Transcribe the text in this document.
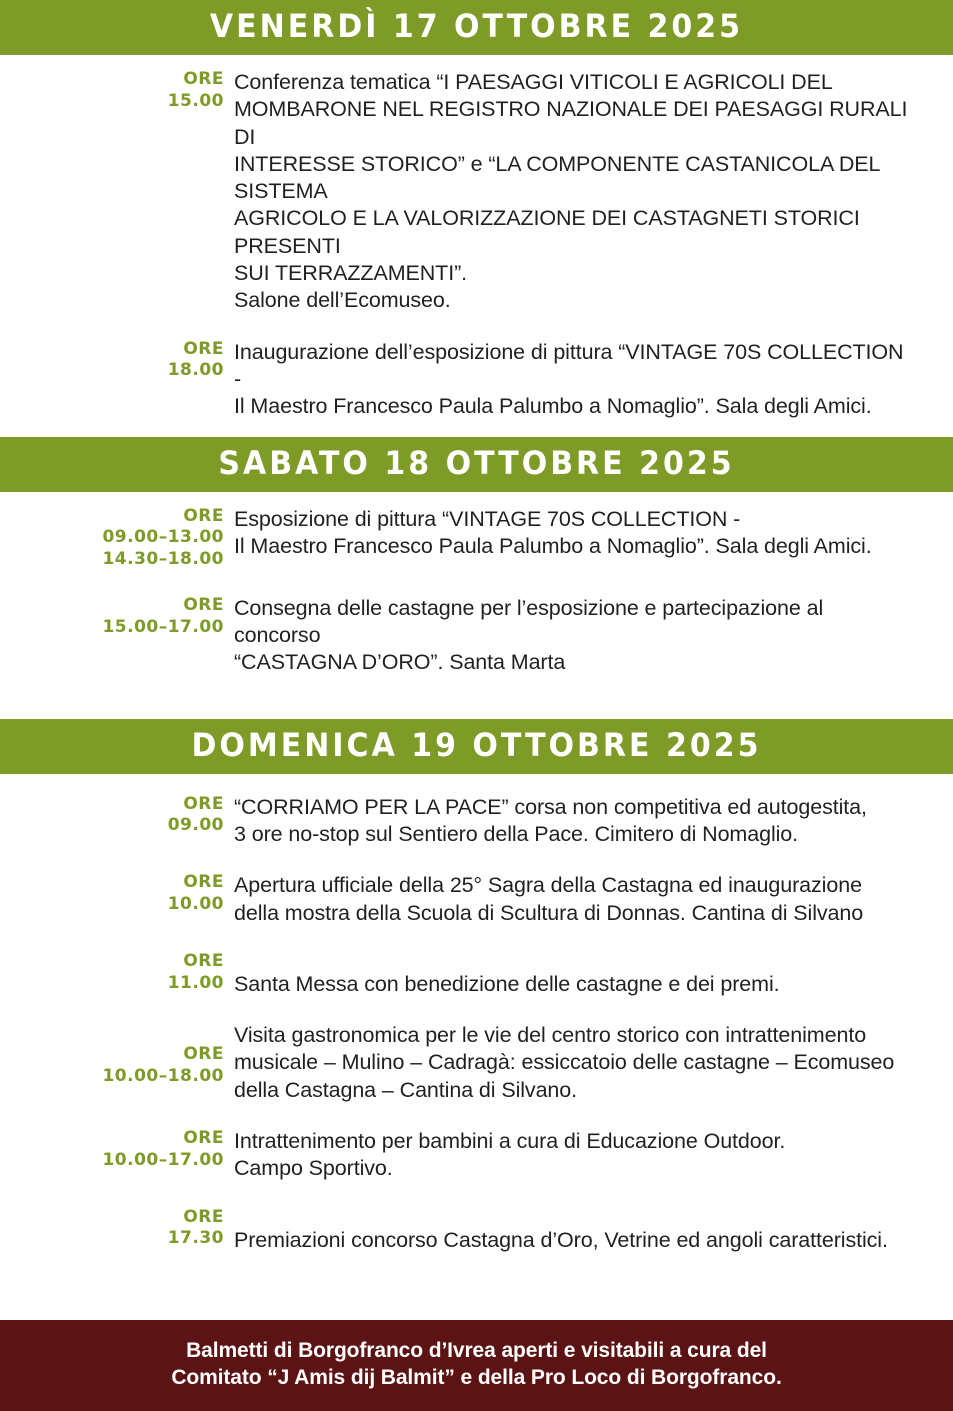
VENERDÌ 17 OTTOBRE 2025
ORE
15.00
Conferenza tematica “I PAESAGGI VITICOLI E AGRICOLI DEL
MOMBARONE NEL REGISTRO NAZIONALE DEI PAESAGGI RURALI DI
INTERESSE STORICO” e “LA COMPONENTE CASTANICOLA DEL SISTEMA
AGRICOLO E LA VALORIZZAZIONE DEI CASTAGNETI STORICI PRESENTI
SUI TERRAZZAMENTI”.
Salone dell’Ecomuseo.
ORE
18.00
Inaugurazione dell’esposizione di pittura “VINTAGE 70S COLLECTION -
Il Maestro Francesco Paula Palumbo a Nomaglio”. Sala degli Amici.
SABATO 18 OTTOBRE 2025
ORE
09.00–13.00
14.30–18.00
Esposizione di pittura “VINTAGE 70S COLLECTION -
Il Maestro Francesco Paula Palumbo a Nomaglio”. Sala degli Amici.
ORE
15.00–17.00
Consegna delle castagne per l’esposizione e partecipazione al concorso
“CASTAGNA D’ORO”. Santa Marta
DOMENICA 19 OTTOBRE 2025
ORE
09.00
“CORRIAMO PER LA PACE” corsa non competitiva ed autogestita,
3 ore no-stop sul Sentiero della Pace. Cimitero di Nomaglio.
ORE
10.00
Apertura ufficiale della 25° Sagra della Castagna ed inaugurazione
della mostra della Scuola di Scultura di Donnas. Cantina di Silvano
ORE
11.00 Santa Messa con benedizione delle castagne e dei premi.
ORE
10.00–18.00
Visita gastronomica per le vie del centro storico con intrattenimento
musicale – Mulino – Cadragà: essiccatoio delle castagne – Ecomuseo
della Castagna – Cantina di Silvano.
ORE
10.00–17.00
Intrattenimento per bambini a cura di Educazione Outdoor.
Campo Sportivo.
ORE
17.30 Premiazioni concorso Castagna d’Oro, Vetrine ed angoli caratteristici.
Balmetti di Borgofranco d’Ivrea aperti e visitabili a cura del
Comitato “J Amis dij Balmit” e della Pro Loco di Borgofranco.
